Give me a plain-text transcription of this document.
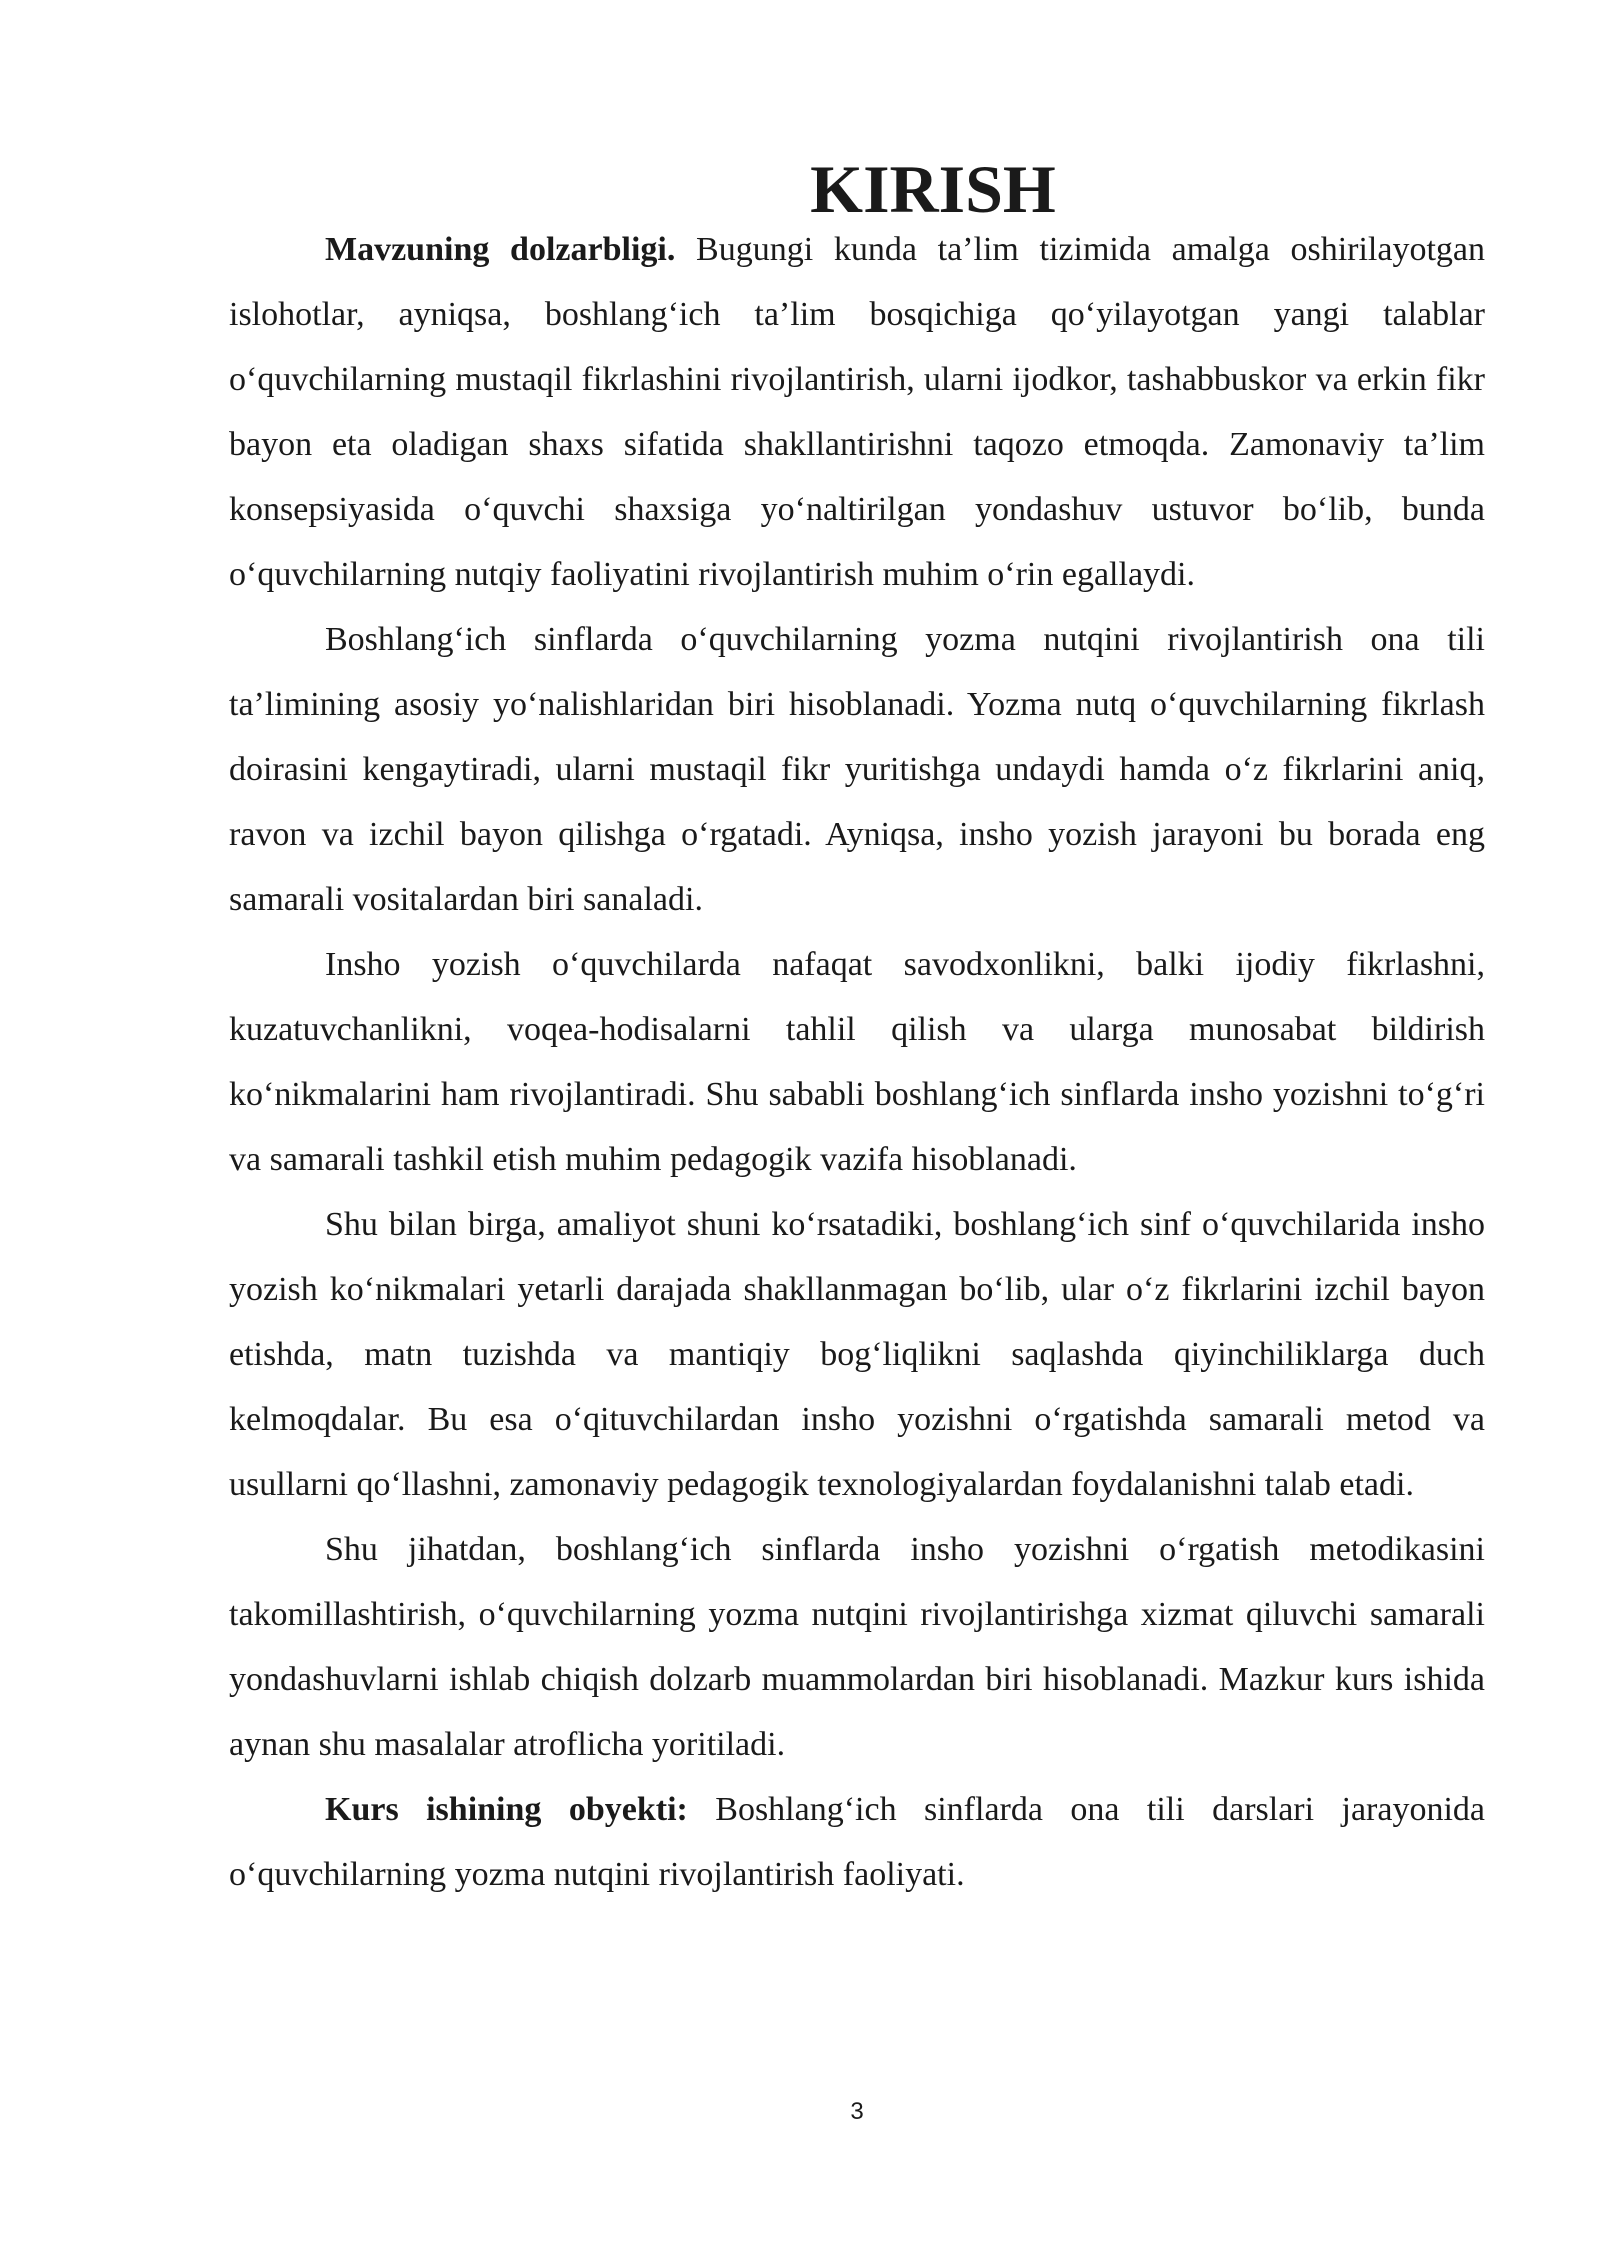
KIRISH

Mavzuning dolzarbligi. Bugungi kunda ta’lim tizimida amalga oshirilayotgan islohotlar, ayniqsa, boshlang‘ich ta’lim bosqichiga qo‘yilayotgan yangi talablar o‘quvchilarning mustaqil fikrlashini rivojlantirish, ularni ijodkor, tashabbuskor va erkin fikr bayon eta oladigan shaxs sifatida shakllantirishni taqozo etmoqda. Zamonaviy ta’lim konsepsiyasida o‘quvchi shaxsiga yo‘naltirilgan yondashuv ustuvor bo‘lib, bunda o‘quvchilarning nutqiy faoliyatini rivojlantirish muhim o‘rin egallaydi.

Boshlang‘ich sinflarda o‘quvchilarning yozma nutqini rivojlantirish ona tili ta’limining asosiy yo‘nalishlaridan biri hisoblanadi. Yozma nutq o‘quvchilarning fikrlash doirasini kengaytiradi, ularni mustaqil fikr yuritishga undaydi hamda o‘z fikrlarini aniq, ravon va izchil bayon qilishga o‘rgatadi. Ayniqsa, insho yozish jarayoni bu borada eng samarali vositalardan biri sanaladi.

Insho yozish o‘quvchilarda nafaqat savodxonlikni, balki ijodiy fikrlashni, kuzatuvchanlikni, voqea-hodisalarni tahlil qilish va ularga munosabat bildirish ko‘nikmalarini ham rivojlantiradi. Shu sababli boshlang‘ich sinflarda insho yozishni to‘g‘ri va samarali tashkil etish muhim pedagogik vazifa hisoblanadi.

Shu bilan birga, amaliyot shuni ko‘rsatadiki, boshlang‘ich sinf o‘quvchilarida insho yozish ko‘nikmalari yetarli darajada shakllanmagan bo‘lib, ular o‘z fikrlarini izchil bayon etishda, matn tuzishda va mantiqiy bog‘liqlikni saqlashda qiyinchiliklarga duch kelmoqdalar. Bu esa o‘qituvchilardan insho yozishni o‘rgatishda samarali metod va usullarni qo‘llashni, zamonaviy pedagogik texnologiyalardan foydalanishni talab etadi.

Shu jihatdan, boshlang‘ich sinflarda insho yozishni o‘rgatish metodikasini takomillashtirish, o‘quvchilarning yozma nutqini rivojlantirishga xizmat qiluvchi samarali yondashuvlarni ishlab chiqish dolzarb muammolardan biri hisoblanadi. Mazkur kurs ishida aynan shu masalalar atroflicha yoritiladi.

Kurs ishining obyekti: Boshlang‘ich sinflarda ona tili darslari jarayonida o‘quvchilarning yozma nutqini rivojlantirish faoliyati.

3
